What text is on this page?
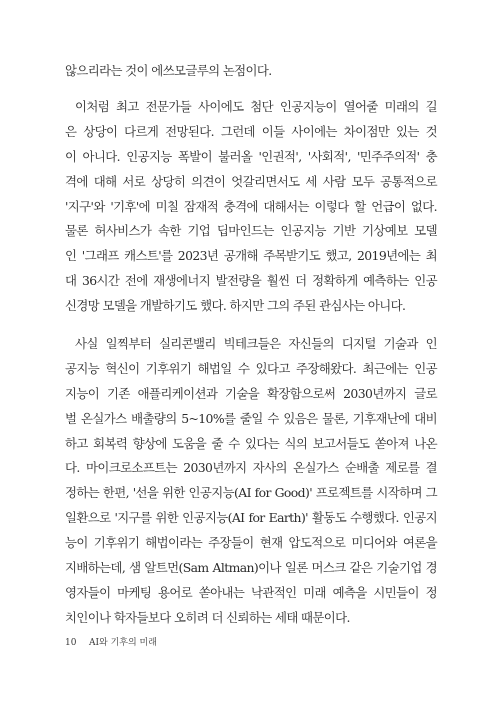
않으리라는 것이 에쓰모글루의 논점이다.
이처럼 최고 전문가들 사이에도 첨단 인공지능이 열어줄 미래의 길
은 상당이 다르게 전망된다. 그런데 이들 사이에는 차이점만 있는 것
이 아니다. 인공지능 폭발이 불러올 '인권적', '사회적', '민주주의적' 충
격에 대해 서로 상당히 의견이 엇갈리면서도 세 사람 모두 공통적으로
'지구'와 '기후'에 미칠 잠재적 충격에 대해서는 이렇다 할 언급이 없다.
물론 허사비스가 속한 기업 딥마인드는 인공지능 기반 기상예보 모델
인 '그래프 캐스트'를 2023년 공개해 주목받기도 했고, 2019년에는 최
대 36시간 전에 재생에너지 발전량을 훨씬 더 정확하게 예측하는 인공
신경망 모델을 개발하기도 했다. 하지만 그의 주된 관심사는 아니다.
사실 일찍부터 실리콘밸리 빅테크들은 자신들의 디지털 기술과 인
공지능 혁신이 기후위기 해법일 수 있다고 주장해왔다. 최근에는 인공
지능이 기존 애플리케이션과 기술을 확장함으로써 2030년까지 글로
벌 온실가스 배출량의 5~10%를 줄일 수 있음은 물론, 기후재난에 대비
하고 회복력 향상에 도움을 줄 수 있다는 식의 보고서들도 쏟아져 나온
다. 마이크로소프트는 2030년까지 자사의 온실가스 순배출 제로를 결
정하는 한편, '선을 위한 인공지능(AI for Good)' 프로젝트를 시작하며 그
일환으로 '지구를 위한 인공지능(AI for Earth)' 활동도 수행했다. 인공지
능이 기후위기 해법이라는 주장들이 현재 압도적으로 미디어와 여론을
지배하는데, 샘 알트먼(Sam Altman)이나 일론 머스크 같은 기술기업 경
영자들이 마케팅 용어로 쏟아내는 낙관적인 미래 예측을 시민들이 정
치인이나 학자들보다 오히려 더 신뢰하는 세태 때문이다.
10 AI와 기후의 미래
